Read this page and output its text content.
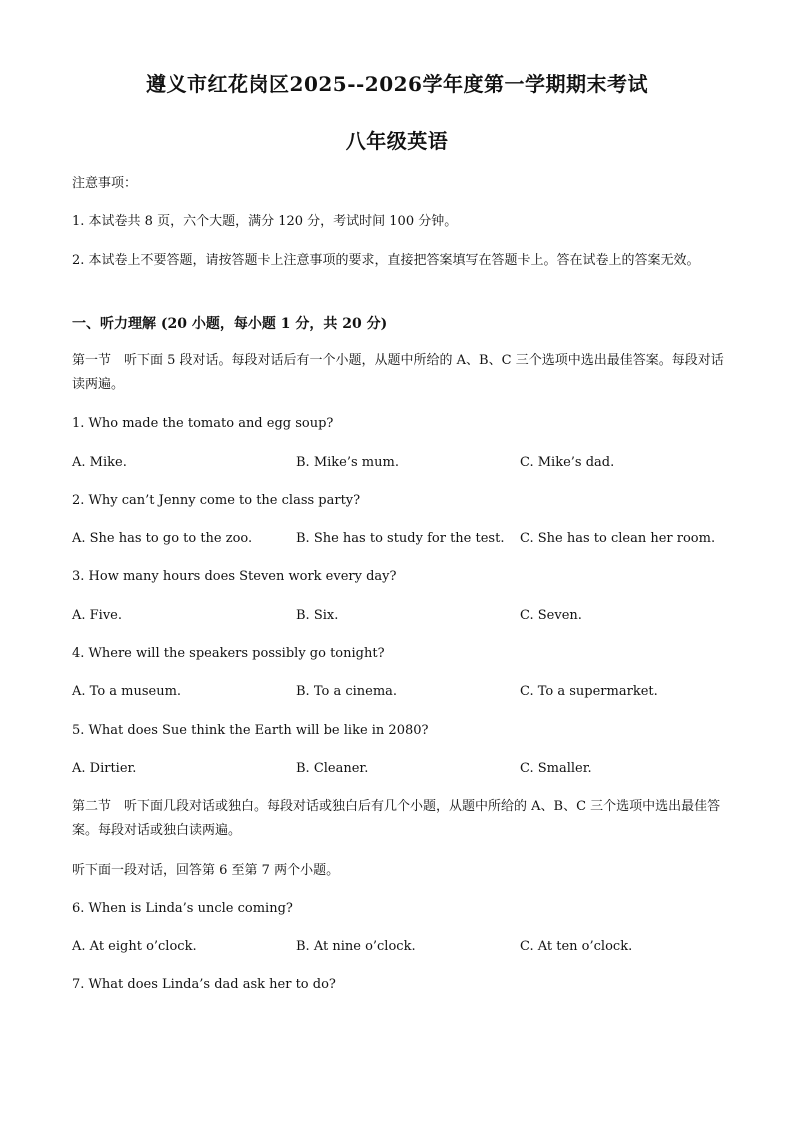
遵义市红花岗区2025--2026学年度第一学期期末考试
八年级英语
注意事项：
1. 本试卷共 8 页，六个大题，满分 120 分，考试时间 100 分钟。
2. 本试卷上不要答题，请按答题卡上注意事项的要求，直接把答案填写在答题卡上。答在试卷上的答案无效。
一、听力理解 (20 小题，每小题 1 分，共 20 分)
第一节　听下面 5 段对话。每段对话后有一个小题，从题中所给的 A、B、C 三个选项中选出最佳答案。每段对话读两遍。
1. Who made the tomato and egg soup?
A. Mike.	B. Mike’s mum.	C. Mike’s dad.
2. Why can’t Jenny come to the class party?
A. She has to go to the zoo.	B. She has to study for the test. C. She has to clean her room.
3. How many hours does Steven work every day?
A. Five.	B. Six.	C. Seven.
4. Where will the speakers possibly go tonight?
A. To a museum.	B. To a cinema.	C. To a supermarket.
5. What does Sue think the Earth will be like in 2080?
A. Dirtier.	B. Cleaner.	C. Smaller.
第二节　听下面几段对话或独白。每段对话或独白后有几个小题，从题中所给的 A、B、C 三个选项中选出最佳答案。每段对话或独白读两遍。
听下面一段对话，回答第 6 至第 7 两个小题。
6. When is Linda’s uncle coming?
A. At eight o’clock.	B. At nine o’clock.	C. At ten o’clock.
7. What does Linda’s dad ask her to do?
